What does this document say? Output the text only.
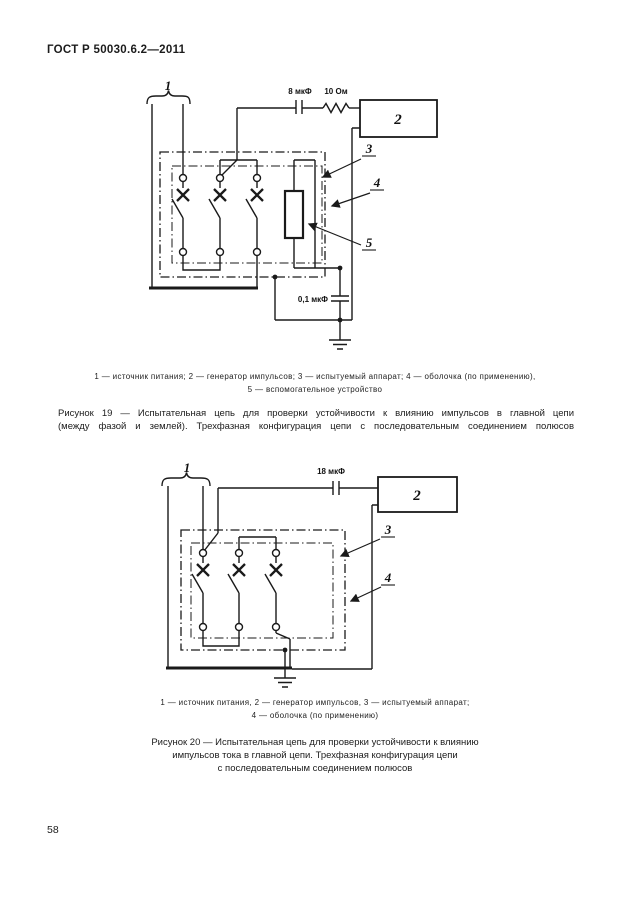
ГОСТ Р 50030.6.2—2011
1	8 мкФ 10 Ом
2
0,1 мкФ
3
4
5
1	18 мкФ
2
3
4
1 — источник питания; 2 — генератор импульсов; 3 — испытуемый аппарат; 4 — оболочка (по применению),
5 — вспомогательное устройство
Рисунок 19 — Испытательная цепь для проверки устойчивости к влиянию импульсов в главной цепи
(между фазой и землей). Трехфазная конфигурация цепи с последовательным соединением полюсов
1 — источник питания, 2 — генератор импульсов, 3 — испытуемый аппарат;
4 — оболочка (по применению)
Рисунок 20 — Испытательная цепь для проверки устойчивости к влиянию
импульсов тока в главной цепи. Трехфазная конфигурация цепи
с последовательным соединением полюсов
58
